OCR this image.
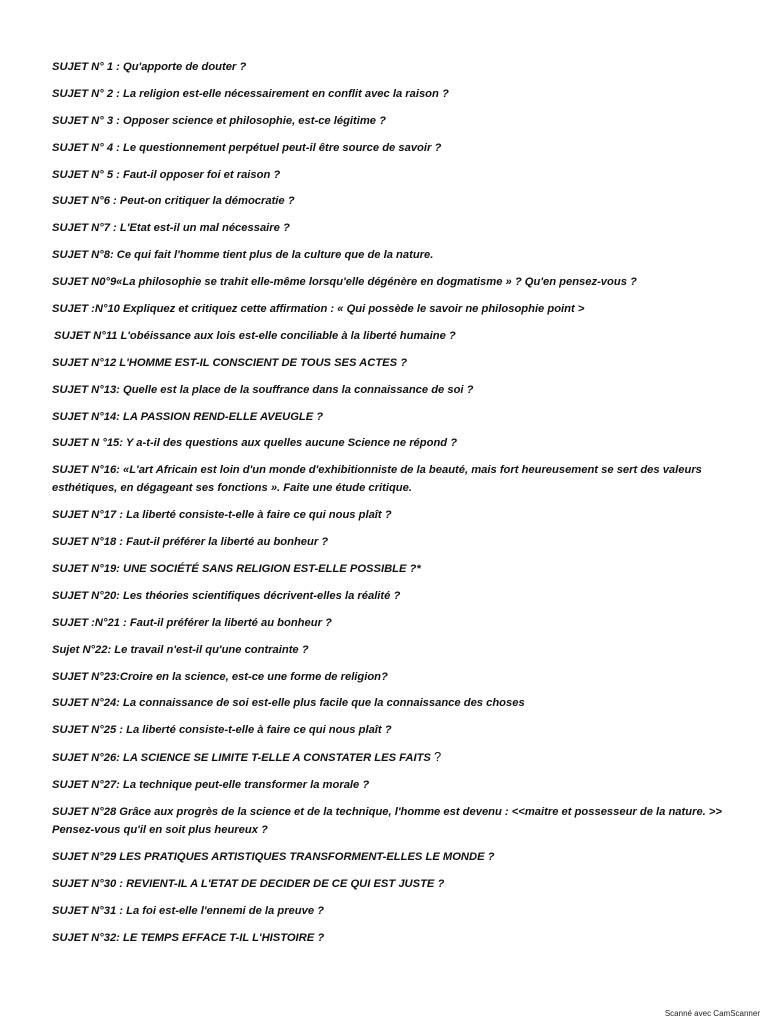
SUJET N° 1 : Qu'apporte de douter ?
SUJET N° 2 : La religion est-elle nécessairement en conflit avec la raison ?
SUJET N° 3 : Opposer science et philosophie, est-ce légitime ?
SUJET N° 4 : Le questionnement perpétuel peut-il être source de savoir ?
SUJET N° 5 : Faut-il opposer foi et raison ?
SUJET N°6 : Peut-on critiquer la démocratie ?
SUJET N°7 : L'Etat est-il un mal nécessaire ?
SUJET N°8: Ce qui fait l'homme tient plus de la culture que de la nature.
SUJET N0°9«La philosophie se trahit elle-même lorsqu'elle dégénère en dogmatisme » ? Qu'en pensez-vous ?
SUJET :N°10 Expliquez et critiquez cette affirmation : « Qui possède le savoir ne philosophie point >
SUJET N°11 L'obéissance aux lois est-elle conciliable à la liberté humaine ?
SUJET N°12 L'HOMME EST-IL CONSCIENT DE TOUS SES ACTES ?
SUJET N°13: Quelle est la place de la souffrance dans la connaissance de soi ?
SUJET N°14: LA PASSION REND-ELLE AVEUGLE ?
SUJET N °15: Y a-t-il des questions aux quelles aucune Science ne répond ?
SUJET N°16: «L'art Africain est loin d'un monde d'exhibitionniste de la beauté, mais fort heureusement se sert des valeurs esthétiques, en dégageant ses fonctions ». Faite une étude critique.
SUJET N°17 : La liberté consiste-t-elle à faire ce qui nous plaît ?
SUJET N°18 : Faut-il préférer la liberté au bonheur ?
SUJET N°19: UNE SOCIÉTÉ SANS RELIGION EST-ELLE POSSIBLE ?*
SUJET N°20: Les théories scientifiques décrivent-elles la réalité ?
SUJET :N°21 : Faut-il préférer la liberté au bonheur ?
Sujet N°22: Le travail n'est-il qu'une contrainte ?
SUJET N°23:Croire en la science, est-ce une forme de religion?
SUJET N°24: La connaissance de soi est-elle plus facile que la connaissance des choses
SUJET N°25 : La liberté consiste-t-elle à faire ce qui nous plaît ?
SUJET N°26: LA SCIENCE SE LIMITE T-ELLE A CONSTATER LES FAITS ?
SUJET N°27: La technique peut-elle transformer la morale ?
SUJET N°28 Grâce aux progrès de la science et de la technique, l'homme est devenu : <<maitre et possesseur de la nature. >> Pensez-vous qu'il en soit plus heureux ?
SUJET N°29 LES PRATIQUES ARTISTIQUES TRANSFORMENT-ELLES LE MONDE ?
SUJET N°30 : REVIENT-IL A L'ETAT DE DECIDER DE CE QUI EST JUSTE ?
SUJET N°31 : La foi est-elle l'ennemi de la preuve ?
SUJET N°32: LE TEMPS EFFACE T-IL L'HISTOIRE ?
Scanné avec CamScanner
